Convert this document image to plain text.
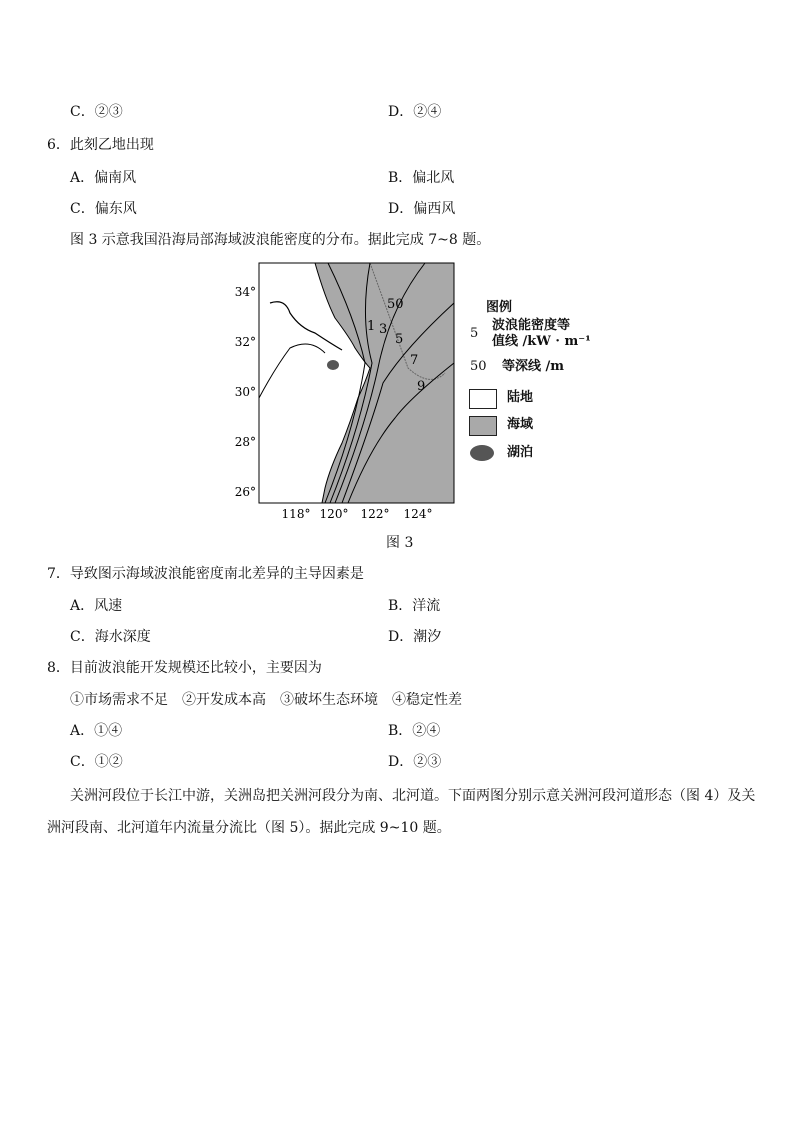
C．②③	D．②④
6．此刻乙地出现
A．偏南风	B．偏北风
C．偏东风	D．偏西风
图 3 示意我国沿海局部海域波浪能密度的分布。据此完成 7~8 题。
1 3
5
7
9
50
34°
32°
30°
28°
26°
118° 120° 122° 124°
图例
5
波浪能密度等
值线 /kW · m⁻¹
50 等深线 /m
陆地
海域
湖泊
图 3
7．导致图示海域波浪能密度南北差异的主导因素是
A．风速	B．洋流
C．海水深度	D．潮汐
8．目前波浪能开发规模还比较小，主要因为
①市场需求不足　②开发成本高　③破坏生态环境　④稳定性差
A．①④	B．②④
C．①②	D．②③
关洲河段位于长江中游，关洲岛把关洲河段分为南、北河道。下面两图分别示意关洲河段河道形态（图 4）及关
洲河段南、北河道年内流量分流比（图 5）。据此完成 9~10 题。
